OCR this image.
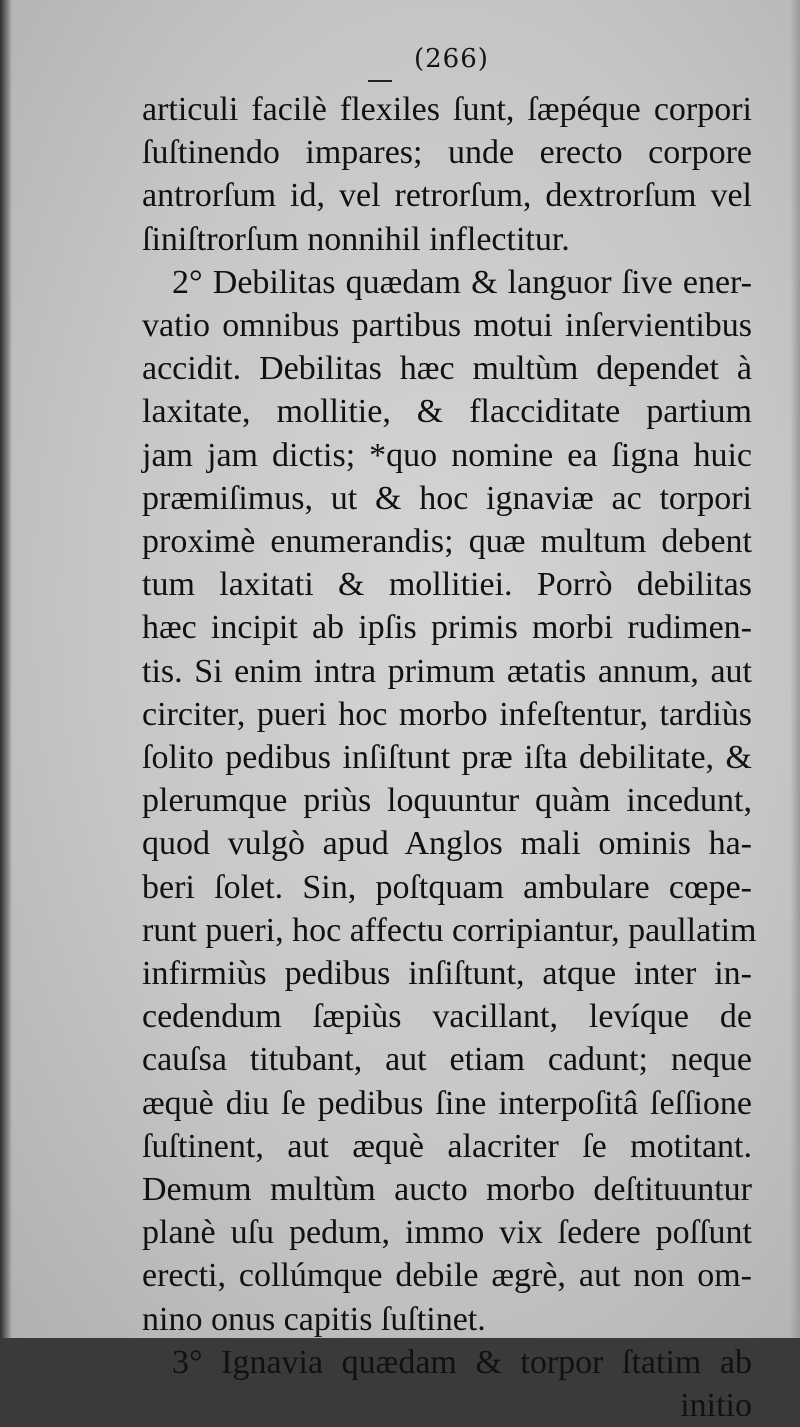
(266)
articuli facilè flexiles ſunt, ſæpéque corpori
ſuſtinendo impares; unde erecto corpore
antrorſum id, vel retrorſum, dextrorſum vel
ſiniſtrorſum nonnihil inflectitur.
2° Debilitas quædam & languor ſive ener-
vatio omnibus partibus motui inſervientibus
accidit. Debilitas hæc multùm dependet à
laxitate, mollitie, & flacciditate partium
jam jam dictis; *quo nomine ea ſigna huic
præmiſimus, ut & hoc ignaviæ ac torpori
proximè enumerandis; quæ multum debent
tum laxitati & mollitiei. Porrò debilitas
hæc incipit ab ipſis primis morbi rudimen-
tis. Si enim intra primum ætatis annum, aut
circiter, pueri hoc morbo infeſtentur, tardiùs
ſolito pedibus inſiſtunt præ iſta debilitate, &
plerumque priùs loquuntur quàm incedunt,
quod vulgò apud Anglos mali ominis ha-
beri ſolet. Sin, poſtquam ambulare cœpe-
runt pueri, hoc affectu corripiantur, paullatim
infirmiùs pedibus inſiſtunt, atque inter in-
cedendum ſæpiùs vacillant, levíque de
cauſsa titubant, aut etiam cadunt; neque
æquè diu ſe pedibus ſine interpoſitâ ſeſſione
ſuſtinent, aut æquè alacriter ſe motitant.
Demum multùm aucto morbo deſtituuntur
planè uſu pedum, immo vix ſedere poſſunt
erecti, collúmque debile ægrè, aut non om-
nino onus capitis ſuſtinet.
3° Ignavia quædam & torpor ſtatim ab
initio
